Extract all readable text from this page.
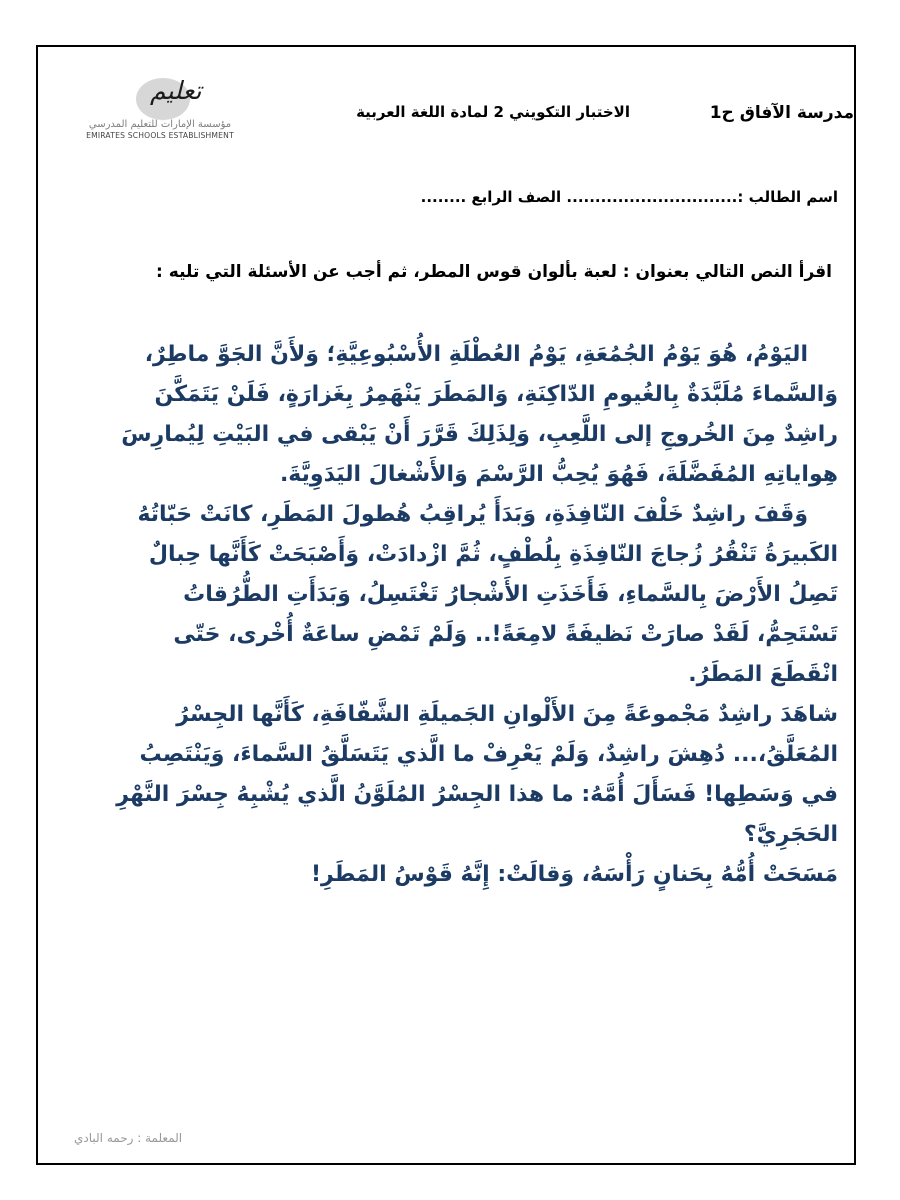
تعليم
مؤسسة الإمارات للتعليم المدرسي
EMIRATES SCHOOLS ESTABLISHMENT
مدرسة الآفاق ح1
الاختبار التكويني 2 لمادة اللغة العربية
اسم الطالب :.............................. الصف الرابع ........
اقرأ النص التالي بعنوان : لعبة بألوان قوس المطر، ثم أجب عن الأسئلة التي تليه :

اليَوْمُ، هُوَ يَوْمُ الجُمُعَةِ، يَوْمُ العُطْلَةِ الأُسْبُوعِيَّةِ؛ وَلأَنَّ الجَوَّ ماطِرٌ،

وَالسَّماءَ مُلَبَّدَةٌ بِالغُيومِ الدّاكِنَةِ، وَالمَطَرَ يَنْهَمِرُ بِغَزارَةٍ، فَلَنْ يَتَمَكَّنَ

راشِدٌ مِنَ الخُروجِ إلى اللَّعِبِ، وَلِذَلِكَ قَرَّرَ أَنْ يَبْقى في البَيْتِ لِيُمارِسَ

هِواياتِهِ المُفَضَّلَةَ، فَهُوَ يُحِبُّ الرَّسْمَ وَالأَشْغالَ اليَدَوِيَّةَ.

وَقَفَ راشِدٌ خَلْفَ النّافِذَةِ، وَبَدَأَ يُراقِبُ هُطولَ المَطَرِ، كانَتْ حَبّاتُهُ

الكَبيرَةُ تَنْقُرُ زُجاجَ النّافِذَةِ بِلُطْفٍ، ثُمَّ ازْدادَتْ، وَأَصْبَحَتْ كَأَنَّها حِبالٌ

تَصِلُ الأَرْضَ بِالسَّماءِ، فَأَخَذَتِ الأَشْجارُ تَغْتَسِلُ، وَبَدَأَتِ الطُّرُقاتُ

تَسْتَحِمُّ، لَقَدْ صارَتْ نَظيفَةً لامِعَةً!.. وَلَمْ تَمْضِ ساعَةٌ أُخْرى، حَتّى

انْقَطَعَ المَطَرُ.

شاهَدَ راشِدٌ مَجْموعَةً مِنَ الأَلْوانِ الجَميلَةِ الشَّفّافَةِ، كَأَنَّها الجِسْرُ

المُعَلَّقُ،... دُهِشَ راشِدٌ، وَلَمْ يَعْرِفْ ما الَّذي يَتَسَلَّقُ السَّماءَ، وَيَنْتَصِبُ

في وَسَطِها! فَسَأَلَ أُمَّهُ: ما هذا الجِسْرُ المُلَوَّنُ الَّذي يُشْبِهُ جِسْرَ النَّهْرِ

الحَجَرِيَّ؟

مَسَحَتْ أُمُّهُ بِحَنانٍ رَأْسَهُ، وَقالَتْ: إِنَّهُ قَوْسُ المَطَرِ!

المعلمة : رحمه البادي
